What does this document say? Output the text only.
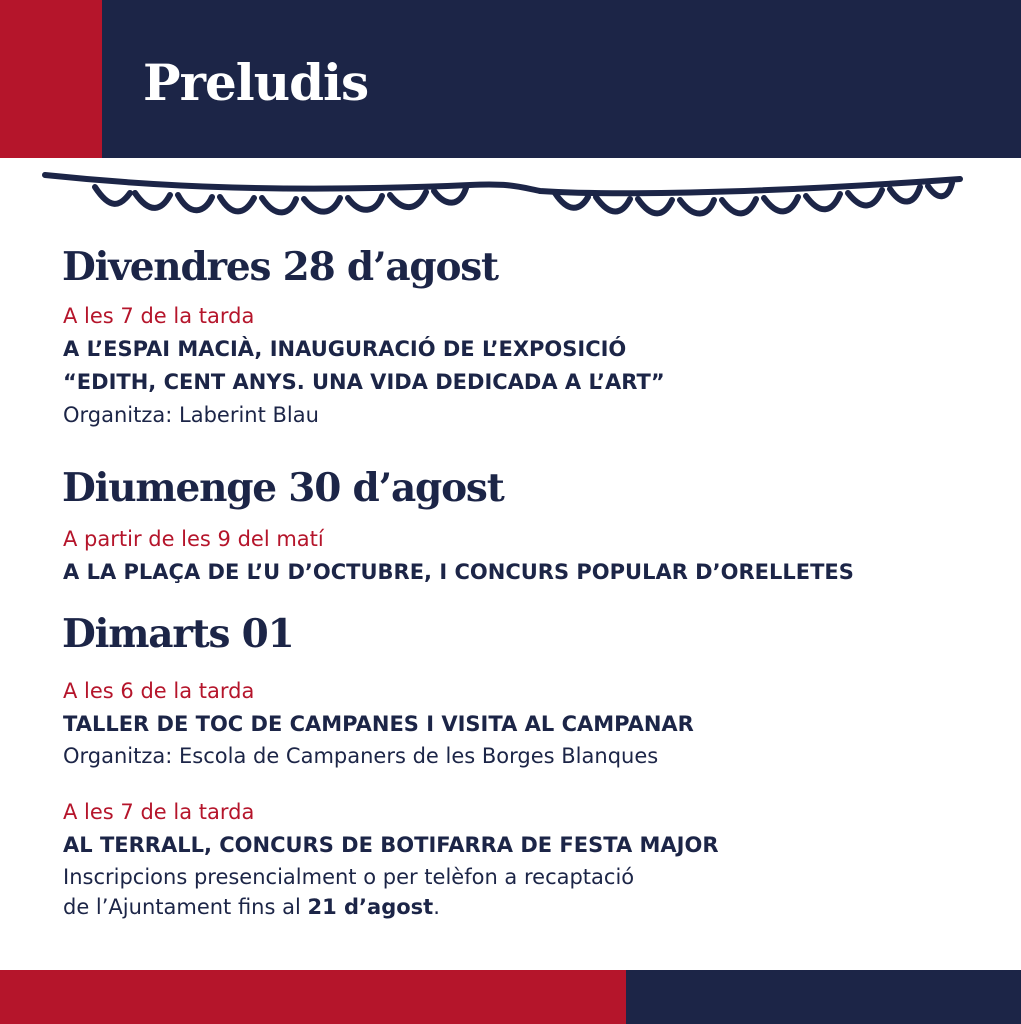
Preludis
Divendres 28 d’agost
A les 7 de la tarda
A L’ESPAI MACIÀ, INAUGURACIÓ DE L’EXPOSICIÓ
“EDITH, CENT ANYS. UNA VIDA DEDICADA A L’ART”
Organitza: Laberint Blau
Diumenge 30 d’agost
A partir de les 9 del matí
A LA PLAÇA DE L’U D’OCTUBRE, I CONCURS POPULAR D’ORELLETES
Dimarts 01
A les 6 de la tarda
TALLER DE TOC DE CAMPANES I VISITA AL CAMPANAR
Organitza: Escola de Campaners de les Borges Blanques
A les 7 de la tarda
AL TERRALL, CONCURS DE BOTIFARRA DE FESTA MAJOR
Inscripcions presencialment o per telèfon a recaptació
de l’Ajuntament fins al 21 d’agost.
